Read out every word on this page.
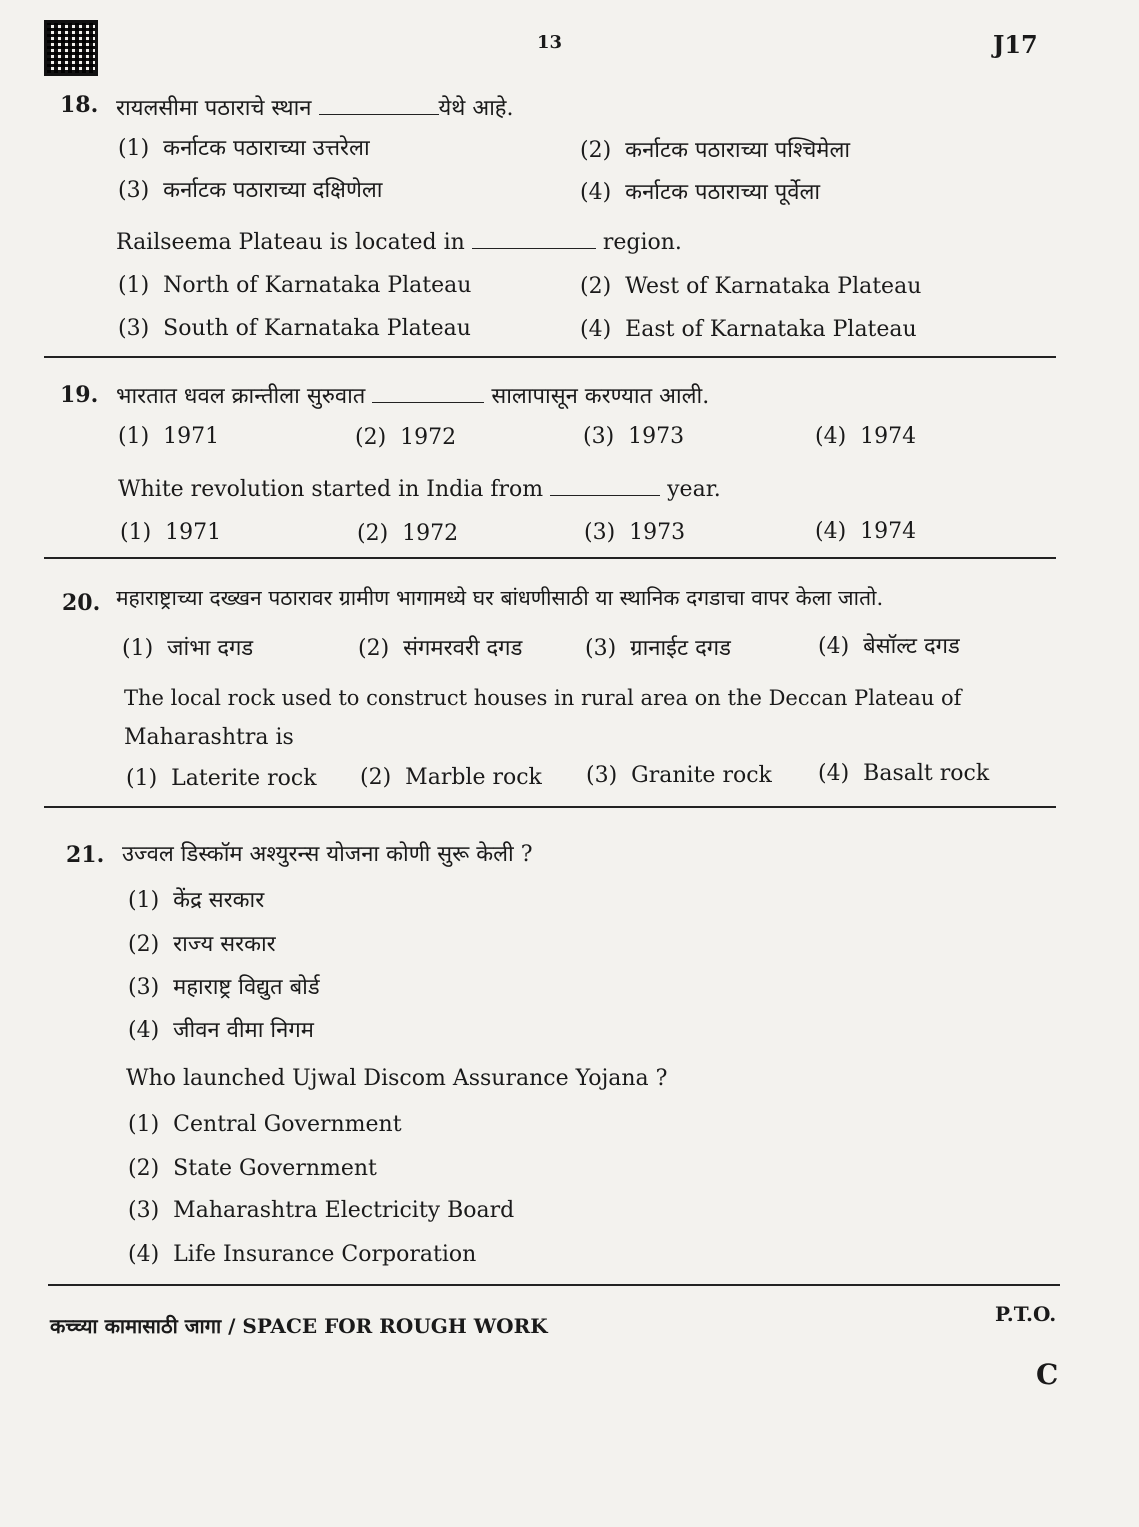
13	J17
18. रायलसीमा पठाराचे स्थान	येथे आहे.
(1) कर्नाटक पठाराच्या उत्तरेला	(2) कर्नाटक पठाराच्या पश्चिमेला
(3) कर्नाटक पठाराच्या दक्षिणेला	(4) कर्नाटक पठाराच्या पूर्वेला
Railseema Plateau is located in	region.
(1) North of Karnataka Plateau	(2) West of Karnataka Plateau
(3) South of Karnataka Plateau	(4) East of Karnataka Plateau
19. भारतात धवल क्रान्तीला सुरुवात	सालापासून करण्यात आली.
(1) 1971	(2) 1972	(3) 1973	(4) 1974
White revolution started in India from	year.
(1) 1971	(2) 1972	(3) 1973	(4) 1974
20. महाराष्ट्राच्या दख्खन पठारावर ग्रामीण भागामध्ये घर बांधणीसाठी या स्थानिक दगडाचा वापर केला जातो.
(1) जांभा दगड	(2) संगमरवरी दगड	(3) ग्रानाईट दगड	(4) बेसॉल्ट दगड
The local rock used to construct houses in rural area on the Deccan Plateau of
Maharashtra is
(1) Laterite rock (2) Marble rock (3) Granite rock (4) Basalt rock
21. उज्वल डिस्कॉम अश्युरन्स योजना कोणी सुरू केली ?
(1) केंद्र सरकार
(2) राज्य सरकार
(3) महाराष्ट्र विद्युत बोर्ड
(4) जीवन वीमा निगम
Who launched Ujwal Discom Assurance Yojana ?
(1) Central Government
(2) State Government
(3) Maharashtra Electricity Board
(4) Life Insurance Corporation
कच्च्या कामासाठी जागा / SPACE FOR ROUGH WORK	P.T.O.
C
